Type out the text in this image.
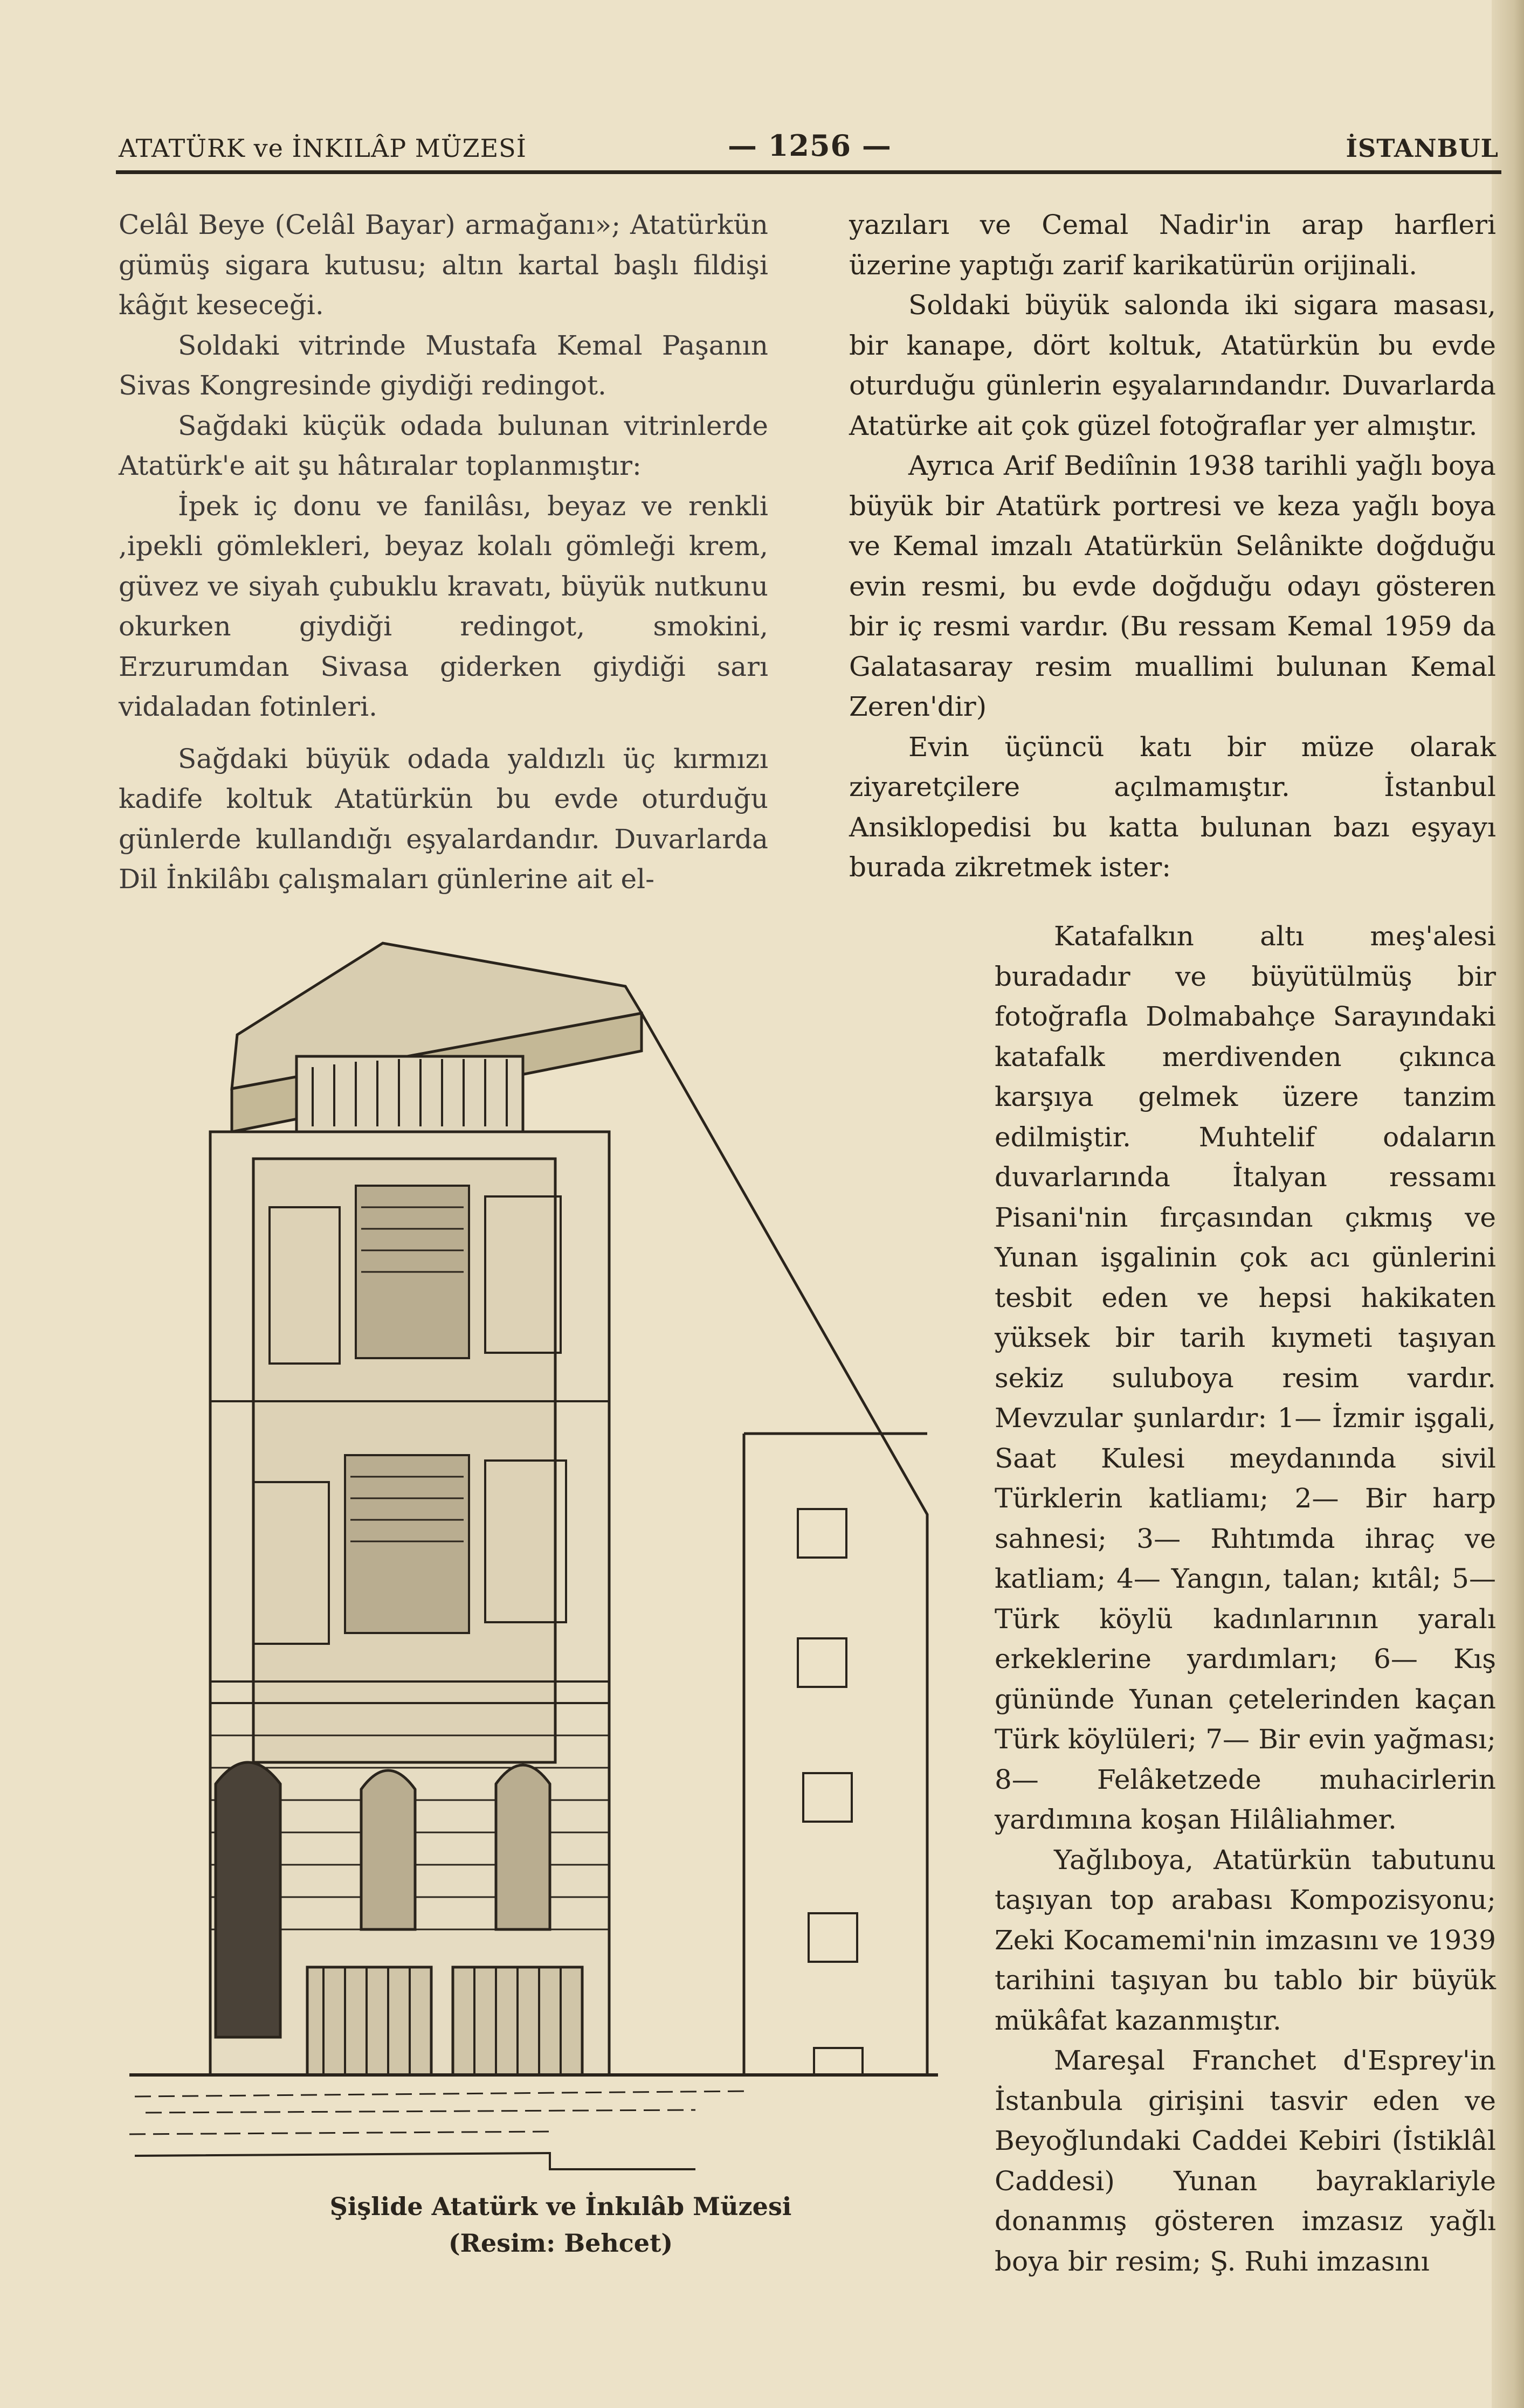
ATATÜRK ve İNKILÂP MÜZESİ	— 1256 —	İSTANBUL

Celâl Beye (Celâl Bayar) armağanı»; Atatürkün gümüş sigara kutusu; altın kartal başlı fildişi kâğıt keseceği.

Soldaki vitrinde Mustafa Kemal Paşanın Sivas Kongresinde giydiği redingot.

Sağdaki küçük odada bulunan vitrinlerde Atatürk'e ait şu hâtıralar toplanmıştır:

İpek iç donu ve fanilâsı, beyaz ve renkli ,ipekli gömlekleri, beyaz kolalı gömleği krem, güvez ve siyah çubuklu kravatı, büyük nutkunu okurken giydiği redingot, smokini, Erzurumdan Sivasa giderken giydiği sarı vidaladan fotinleri.

Sağdaki büyük odada yaldızlı üç kırmızı kadife koltuk Atatürkün bu evde oturduğu günlerde kullandığı eşyalardandır. Duvarlarda Dil İnkilâbı çalışmaları günlerine ait el-

yazıları ve Cemal Nadir'in arap harfleri üzerine yaptığı zarif karikatürün orijinali.

Soldaki büyük salonda iki sigara masası, bir kanape, dört koltuk, Atatürkün bu evde oturduğu günlerin eşyalarındandır. Duvarlarda Atatürke ait çok güzel fotoğraflar yer almıştır.

Ayrıca Arif Bediînin 1938 tarihli yağlı boya büyük bir Atatürk portresi ve keza yağlı boya ve Kemal imzalı Atatürkün Selânikte doğduğu evin resmi, bu evde doğduğu odayı gösteren bir iç resmi vardır. (Bu ressam Kemal 1959 da Galatasaray resim muallimi bulunan Kemal Zeren'dir)

Evin üçüncü katı bir müze olarak ziyaretçilere açılmamıştır. İstanbul Ansiklopedisi bu katta bulunan bazı eşyayı burada zikretmek ister:

Katafalkın altı meş'alesi buradadır ve büyütülmüş bir fotoğrafla Dolmabahçe Sarayındaki katafalk merdivenden çıkınca karşıya gelmek üzere tanzim edilmiştir. Muhtelif odaların duvarlarında İtalyan ressamı Pisani'nin fırçasından çıkmış ve Yunan işgalinin çok acı günlerini tesbit eden ve hepsi hakikaten yüksek bir tarih kıymeti taşıyan sekiz suluboya resim vardır. Mevzular şunlardır: 1— İzmir işgali, Saat Kulesi meydanında sivil Türklerin katliamı; 2— Bir harp sahnesi; 3— Rıhtımda ihraç ve katliam; 4— Yangın, talan; kıtâl; 5— Türk köylü kadınlarının yaralı erkeklerine yardımları; 6— Kış gününde Yunan çetelerinden kaçan Türk köylüleri; 7— Bir evin yağması; 8— Felâketzede muhacirlerin yardımına koşan Hilâliahmer.

Yağlıboya, Atatürkün tabutunu taşıyan top arabası Kompozisyonu; Zeki Kocamemi'nin imzasını ve 1939 tarihini taşıyan bu tablo bir büyük mükâfat kazanmıştır.

Mareşal Franchet d'Esprey'in İstanbula girişini tasvir eden ve Beyoğlundaki Caddei Kebiri (İstiklâl Caddesi) Yunan bayraklariyle donanmış gösteren imzasız yağlı boya bir resim; Ş. Ruhi imzasını

Şişlide Atatürk ve İnkılâb Müzesi
(Resim: Behcet)
